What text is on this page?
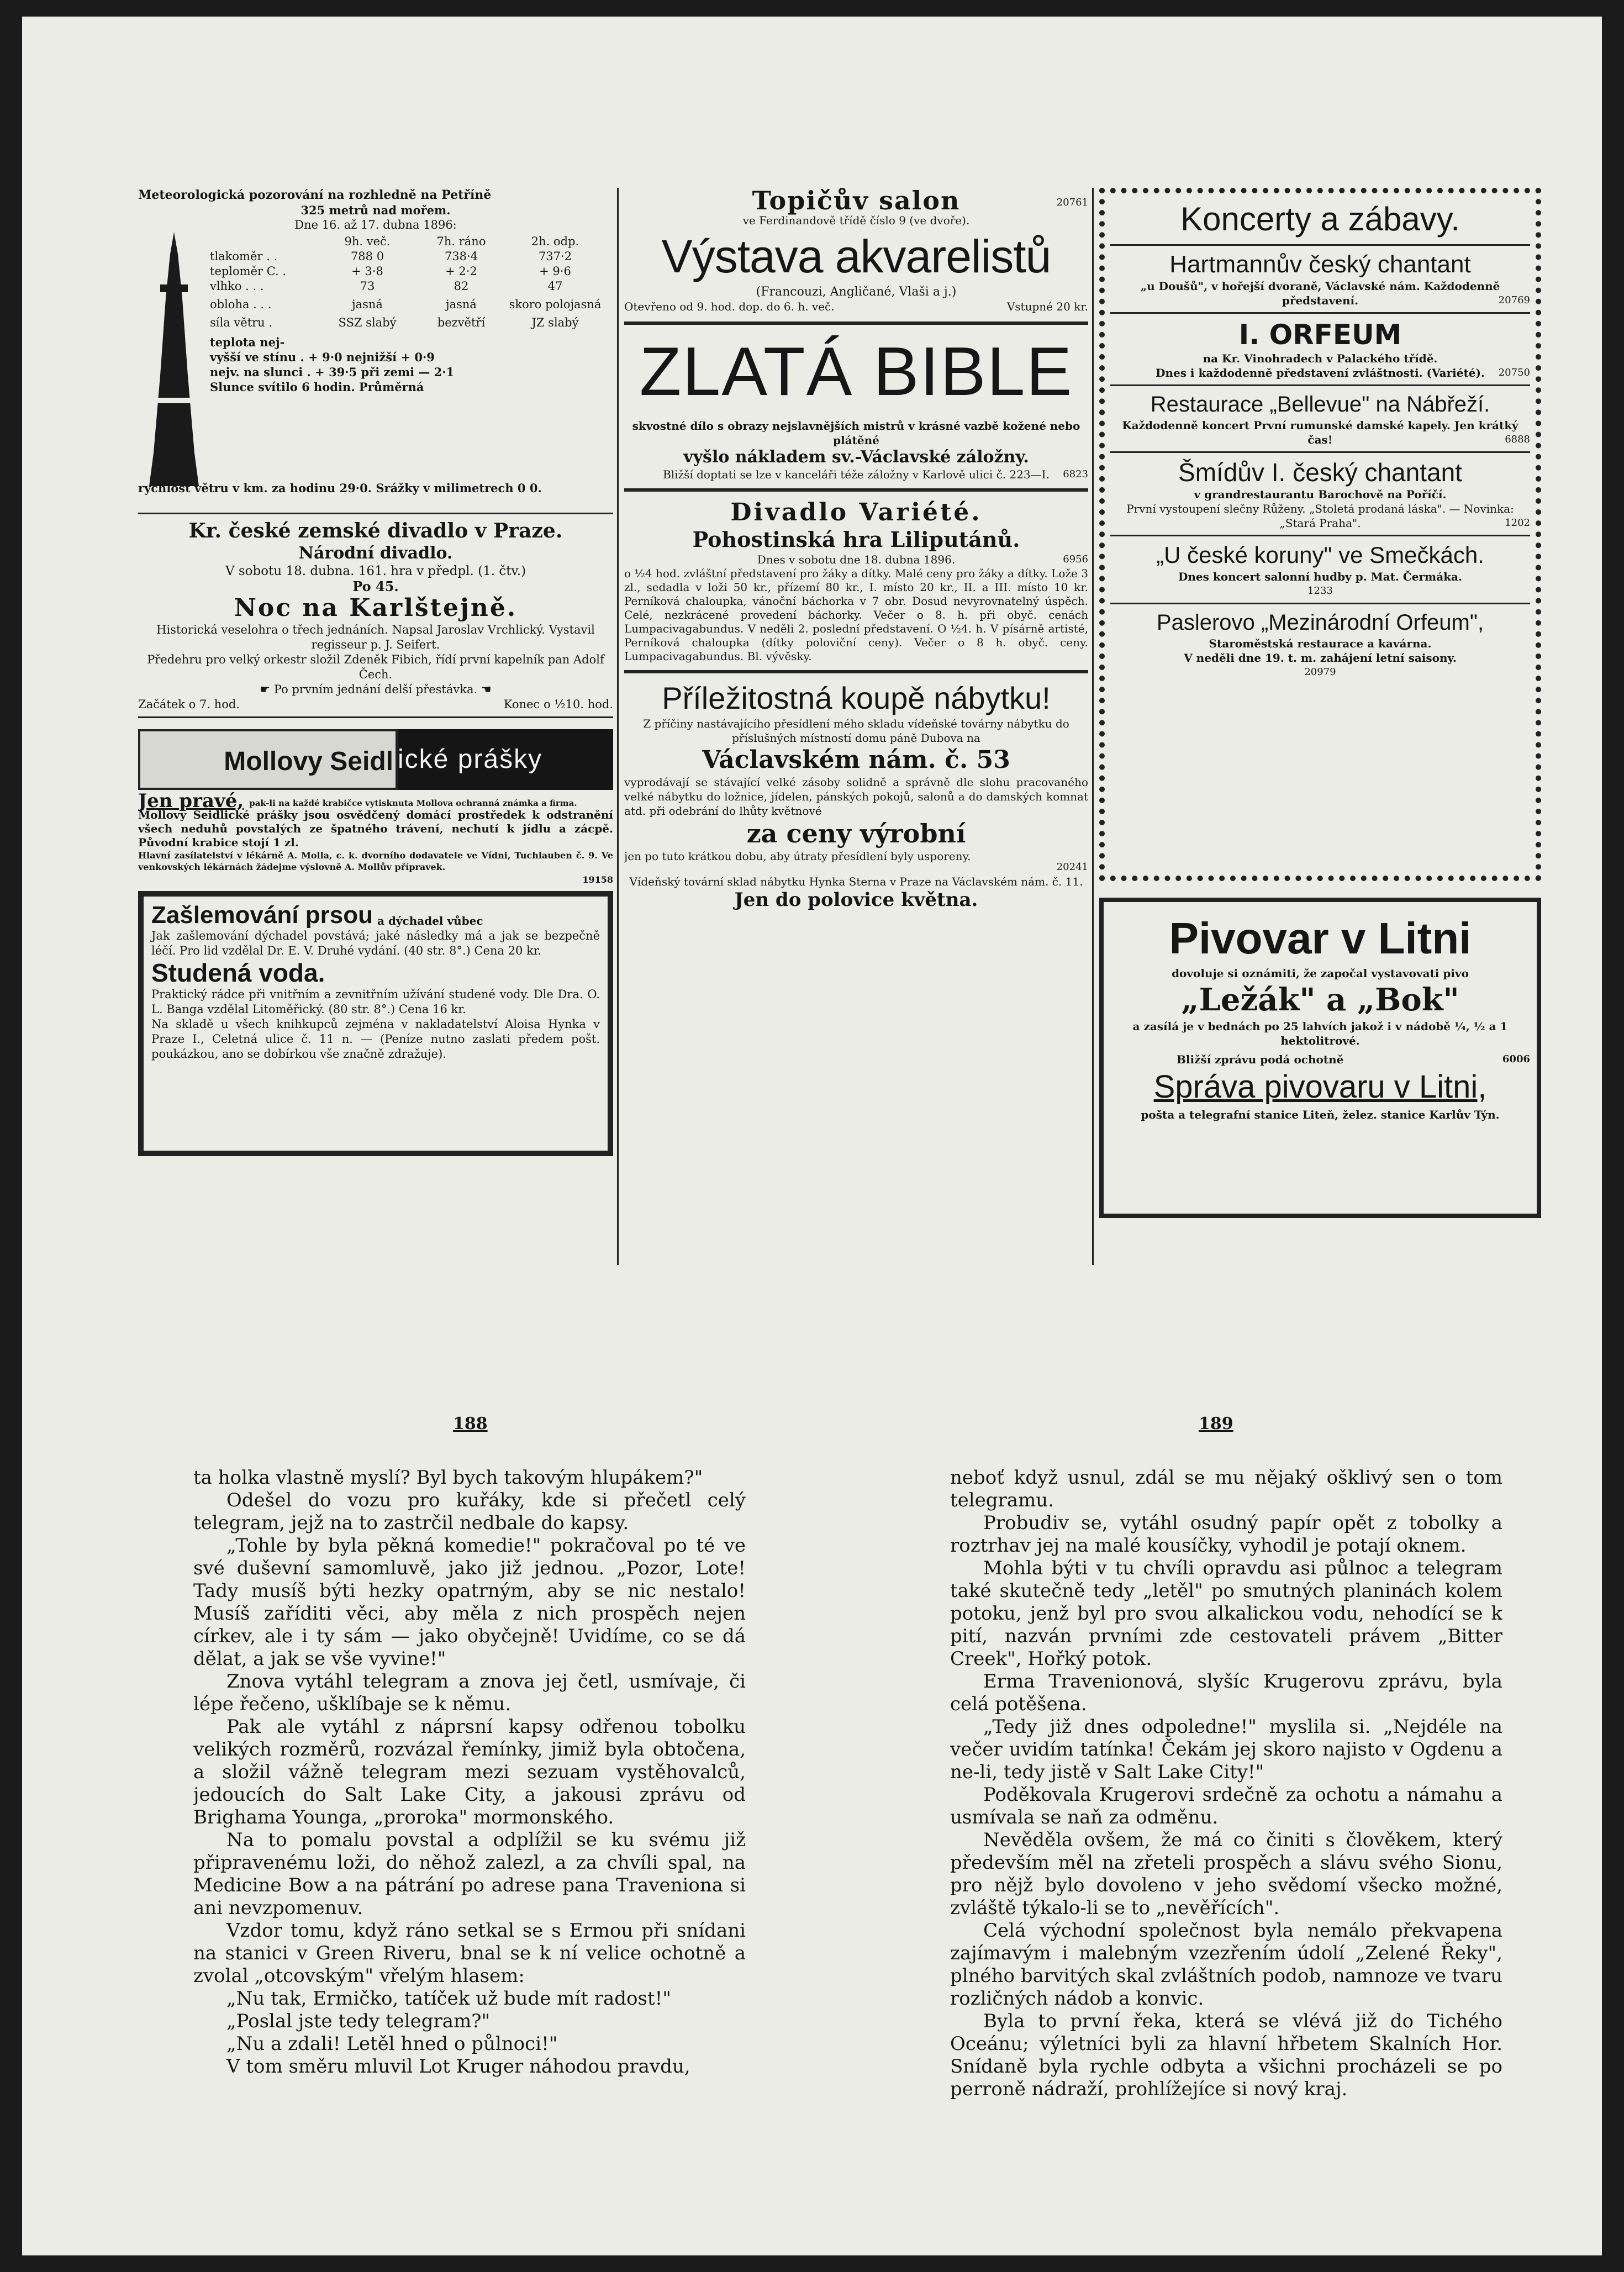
Meteorologická pozorování na rozhledně na Petříně
325 metrů nad mořem.
Dne 16. až 17. dubna 1896:
9h. več.	7h. ráno	2h. odp.
tlakoměr . .	788 0	738·4	737·2
teploměr C. .	+ 3·8	+ 2·2	+ 9·6
vlhko . . .	73	82	47
obloha . . .	jasná	jasná	skoro polojasná
síla větru .	SSZ slabý	bezvětří	JZ slabý
teplota nej-
vyšší ve stínu . + 9·0 nejnižší + 0·9
nejv. na slunci . + 39·5 při zemi — 2·1
Slunce svítilo 6 hodin. Průměrná
rychlost větru v km. za hodinu 29·0. Srážky v milimetrech 0 0.
Kr. české zemské divadlo v Praze.
Národní divadlo.
V sobotu 18. dubna. 161. hra v předpl. (1. čtv.)
Po 45.
Noc na Karlštejně.
Historická veselohra o třech jednáních. Napsal Jaroslav Vrchlický. Vystavil regisseur p. J. Seifert.
Předehru pro velký orkestr složil Zdeněk Fibich, řídí první kapelník pan Adolf Čech.
☛ Po prvním jednání delší přestávka. ☚
Začátek o 7. hod.	Konec o ½10. hod.
Mollovy Seidl ické prášky
Jen pravé, pak-li na každé krabičce vytisknuta Mollova ochranná známka a firma.
Mollovy Seidlické prášky jsou osvědčený domácí prostředek k odstranění všech neduhů povstalých ze špatného trávení, nechutí k jídlu a zácpě. Původní krabice stojí 1 zl.
Hlavní zasílatelství v lékárně A. Molla, c. k. dvorního dodavatele ve Vídni, Tuchlauben č. 9. Ve venkovských lékárnách žádejme výslovně A. Mollův přípravek.
19158
Zašlemování prsou a dýchadel vůbec
Jak zašlemování dýchadel povstává; jaké následky má a jak se bezpečně léčí. Pro lid vzdělal Dr. E. V. Druhé vydání. (40 str. 8°.) Cena 20 kr.
Studená voda.
Praktický rádce při vnitřním a zevnitřním užívání studené vody. Dle Dra. O. L. Banga vzdělal Litoměřický. (80 str. 8°.) Cena 16 kr.
Na skladě u všech knihkupců zejména v nakladatelství Aloisa Hynka v Praze I., Celetná ulice č. 11 n. — (Peníze nutno zaslati předem pošt. poukázkou, ano se dobírkou vše značně zdražuje).
Topičův salon	20761
ve Ferdinandově třídě číslo 9 (ve dvoře).
Výstava akvarelistů
(Francouzi, Angličané, Vlaši a j.)
Otevřeno od 9. hod. dop. do 6. h. več.	Vstupné 20 kr.
ZLATÁ BIBLE
skvostné dílo s obrazy nejslavnějších mistrů v krásné vazbě kožené nebo plátěné
vyšlo nákladem sv.-Václavské záložny.
Bližší doptati se lze v kanceláři téže záložny v Karlově ulici č. 223—I.	6823
Divadlo Variété.
Pohostinská hra Liliputánů.
Dnes v sobotu dne 18. dubna 1896.	6956
o ½4 hod. zvláštní představení pro žáky a dítky. Malé ceny pro žáky a dítky. Lože 3 zl., sedadla v loži 50 kr., přízemí 80 kr., I. místo 20 kr., II. a III. místo 10 kr. Perníková chaloupka, vánoční báchorka v 7 obr. Dosud nevyrovnatelný úspěch. Celé, nezkrácené provedení báchorky. Večer o 8. h. při obyč. cenách Lumpacivagabundus. V neděli 2. poslední představení. O ½4. h. V písárně artisté, Perníková chaloupka (dítky poloviční ceny). Večer o 8 h. obyč. ceny. Lumpacivagabundus. Bl. vývěsky.
Příležitostná koupě nábytku!
Z příčiny nastávajícího přesídlení mého skladu vídeňské továrny nábytku do příslušných místností domu páně Dubova na
Václavském nám. č. 53
vyprodávají se stávající velké zásoby solidně a správně dle slohu pracovaného velké nábytku do ložnice, jídelen, pánských pokojů, salonů a do damských komnat atd. při odebrání do lhůty květnové
za ceny výrobní
jen po tuto krátkou dobu, aby útraty přesídlení byly usporeny.
20241
Vídeňský tovární sklad nábytku Hynka Sterna v Praze na Václavském nám. č. 11.
Jen do polovice května.
Koncerty a zábavy.
Hartmannův český chantant
„u Doušů", v hořejší dvoraně, Václavské nám. Každodenně představení.	20769
I. ORFEUM
na Kr. Vinohradech v Palackého třídě.
Dnes i každodenně představení zvláštnosti. (Variété).	20750
Restaurace „Bellevue" na Nábřeží.
Každodenně koncert První rumunské damské kapely. Jen krátký čas!	6888
Šmídův I. český chantant
v grandrestaurantu Barochově na Poříčí.
První vystoupení slečny Růženy. „Stoletá prodaná láska". — Novinka: „Stará Praha".	1202
„U české koruny" ve Smečkách.
Dnes koncert salonní hudby p. Mat. Čermáka.
1233
Paslerovo „Mezinárodní Orfeum",
Staroměstská restaurace a kavárna.
V neděli dne 19. t. m. zahájení letní saisony.
20979
Pivovar v Litni
dovoluje si oznámiti, že započal vystavovati pivo
„Ležák" a „Bok"
a zasílá je v bednách po 25 lahvích jakož i v nádobě ¼, ½ a 1 hektolitrové.
Bližší zprávu podá ochotně	6006
Správa pivovaru v Litni,
pošta a telegrafní stanice Liteň, želez. stanice Karlův Týn.
188	189

ta holka vlastně myslí? Byl bych takovým hlupákem?"

Odešel do vozu pro kuřáky, kde si přečetl celý telegram, jejž na to zastrčil nedbale do kapsy.

„Tohle by byla pěkná komedie!" pokračoval po té ve své duševní samomluvě, jako již jednou. „Pozor, Lote! Tady musíš býti hezky opatrným, aby se nic nestalo! Musíš zaříditi věci, aby měla z nich prospěch nejen církev, ale i ty sám — jako obyčejně! Uvidíme, co se dá dělat, a jak se vše vyvine!"

Znova vytáhl telegram a znova jej četl, usmívaje, či lépe řečeno, ušklíbaje se k němu.

Pak ale vytáhl z náprsní kapsy odřenou tobolku velikých rozměrů, rozvázal řemínky, jimiž byla obtočena, a složil vážně telegram mezi sezuam vystěhovalců, jedoucích do Salt Lake City, a jakousi zprávu od Brighama Younga, „proroka" mormonského.

Na to pomalu povstal a odplížil se ku svému již připravenému loži, do něhož zalezl, a za chvíli spal, na Medicine Bow a na pátrání po adrese pana Traveniona si ani nevzpomenuv.

Vzdor tomu, když ráno setkal se s Ermou při snídani na stanici v Green Riveru, bnal se k ní velice ochotně a zvolal „otcovským" vřelým hlasem:

„Nu tak, Ermičko, tatíček už bude mít radost!"

„Poslal jste tedy telegram?"

„Nu a zdali! Letěl hned o půlnoci!"

V tom směru mluvil Lot Kruger náhodou pravdu,

neboť když usnul, zdál se mu nějaký ošklivý sen o tom telegramu.

Probudiv se, vytáhl osudný papír opět z tobolky a roztrhav jej na malé kousíčky, vyhodil je potají oknem.

Mohla býti v tu chvíli opravdu asi půlnoc a telegram také skutečně tedy „letěl" po smutných planinách kolem potoku, jenž byl pro svou alkalickou vodu, nehodící se k pití, nazván prvními zde cestovateli právem „Bitter Creek", Hořký potok.

Erma Travenionová, slyšíc Krugerovu zprávu, byla celá potěšena.

„Tedy již dnes odpoledne!" myslila si. „Nejdéle na večer uvidím tatínka! Čekám jej skoro najisto v Ogdenu a ne-li, tedy jistě v Salt Lake City!"

Poděkovala Krugerovi srdečně za ochotu a námahu a usmívala se naň za odměnu.

Nevěděla ovšem, že má co činiti s člověkem, který především měl na zřeteli prospěch a slávu svého Sionu, pro nějž bylo dovoleno v jeho svědomí všecko možné, zvláště týkalo-li se to „nevěřících".

Celá východní společnost byla nemálo překvapena zajímavým i malebným vzezřením údolí „Zelené Řeky", plného barvitých skal zvláštních podob, namnoze ve tvaru rozličných nádob a konvic.

Byla to první řeka, která se vlévá již do Tichého Oceánu; výletníci byli za hlavní hřbetem Skalních Hor. Snídaně byla rychle odbyta a všichni procházeli se po perroně nádraží, prohlížejíce si nový kraj.
